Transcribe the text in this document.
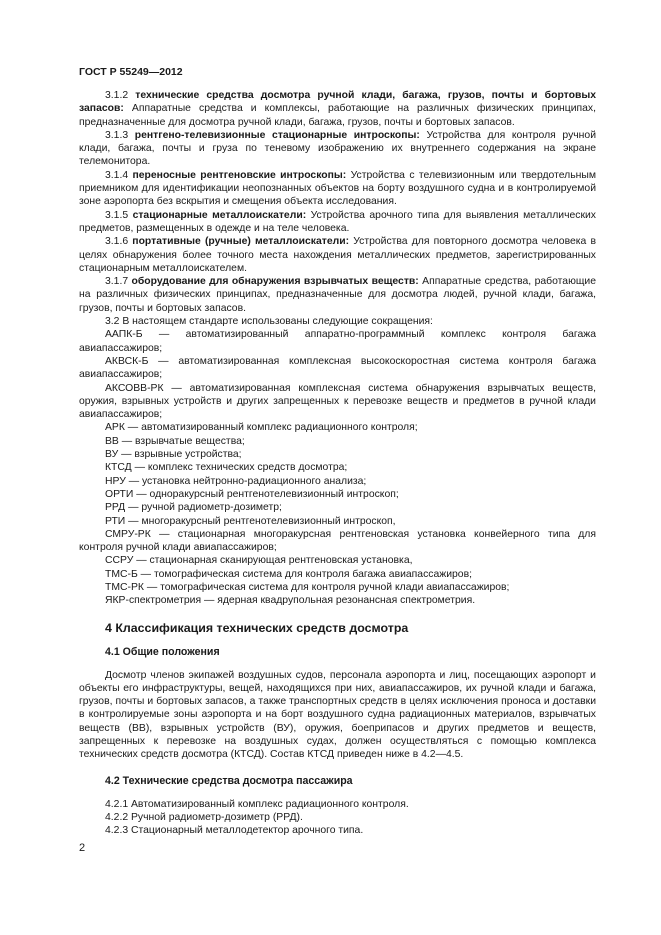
ГОСТ Р 55249—2012

3.1.2 технические средства досмотра ручной клади, багажа, грузов, почты и бортовых запасов: Аппаратные средства и комплексы, работающие на различных физических принципах, предназначенные для досмотра ручной клади, багажа, грузов, почты и бортовых запасов.

3.1.3 рентгено-телевизионные стационарные интроскопы: Устройства для контроля ручной клади, багажа, почты и груза по теневому изображению их внутреннего содержания на экране телемонитора.

3.1.4 переносные рентгеновские интроскопы: Устройства с телевизионным или твердотельным приемником для идентификации неопознанных объектов на борту воздушного судна и в контролируемой зоне аэропорта без вскрытия и смещения объекта исследования.

3.1.5 стационарные металлоискатели: Устройства арочного типа для выявления металлических предметов, размещенных в одежде и на теле человека.

3.1.6 портативные (ручные) металлоискатели: Устройства для повторного досмотра человека в целях обнаружения более точного места нахождения металлических предметов, зарегистрированных стационарным металлоискателем.

3.1.7 оборудование для обнаружения взрывчатых веществ: Аппаратные средства, работающие на различных физических принципах, предназначенные для досмотра людей, ручной клади, багажа, грузов, почты и бортовых запасов.

3.2 В настоящем стандарте использованы следующие сокращения:

ААПК-Б — автоматизированный аппаратно-программный комплекс контроля багажа авиапассажиров;

АКВСК-Б — автоматизированная комплексная высокоскоростная система контроля багажа авиапассажиров;

АКСОВВ-РК — автоматизированная комплексная система обнаружения взрывчатых веществ, оружия, взрывных устройств и других запрещенных к перевозке веществ и предметов в ручной клади авиапассажиров;

АРК — автоматизированный комплекс радиационного контроля;

ВВ — взрывчатые вещества;

ВУ — взрывные устройства;

КТСД — комплекс технических средств досмотра;

НРУ — установка нейтронно-радиационного анализа;

ОРТИ — одноракурсный рентгенотелевизионный интроскоп;

РРД — ручной радиометр-дозиметр;

РТИ — многоракурсный рентгенотелевизионный интроскоп,

СМРУ-РК — стационарная многоракурсная рентгеновская установка конвейерного типа для контроля ручной клади авиапассажиров;

ССРУ — стационарная сканирующая рентгеновская установка,

ТМС-Б — томографическая система для контроля багажа авиапассажиров;

ТМС-РК — томографическая система для контроля ручной клади авиапассажиров;

ЯКР-спектрометрия — ядерная квадрупольная резонансная спектрометрия.

4 Классификация технических средств досмотра
4.1 Общие положения

Досмотр членов экипажей воздушных судов, персонала аэропорта и лиц, посещающих аэропорт и объекты его инфраструктуры, вещей, находящихся при них, авиапассажиров, их ручной клади и багажа, грузов, почты и бортовых запасов, а также транспортных средств в целях исключения проноса и доставки в контролируемые зоны аэропорта и на борт воздушного судна радиационных материалов, взрывчатых веществ (ВВ), взрывных устройств (ВУ), оружия, боеприпасов и других предметов и веществ, запрещенных к перевозке на воздушных судах, должен осуществляться с помощью комплекса технических средств досмотра (КТСД). Состав КТСД приведен ниже в 4.2—4.5.

4.2 Технические средства досмотра пассажира

4.2.1 Автоматизированный комплекс радиационного контроля.

4.2.2 Ручной радиометр-дозиметр (РРД).

4.2.3 Стационарный металлодетектор арочного типа.

2
